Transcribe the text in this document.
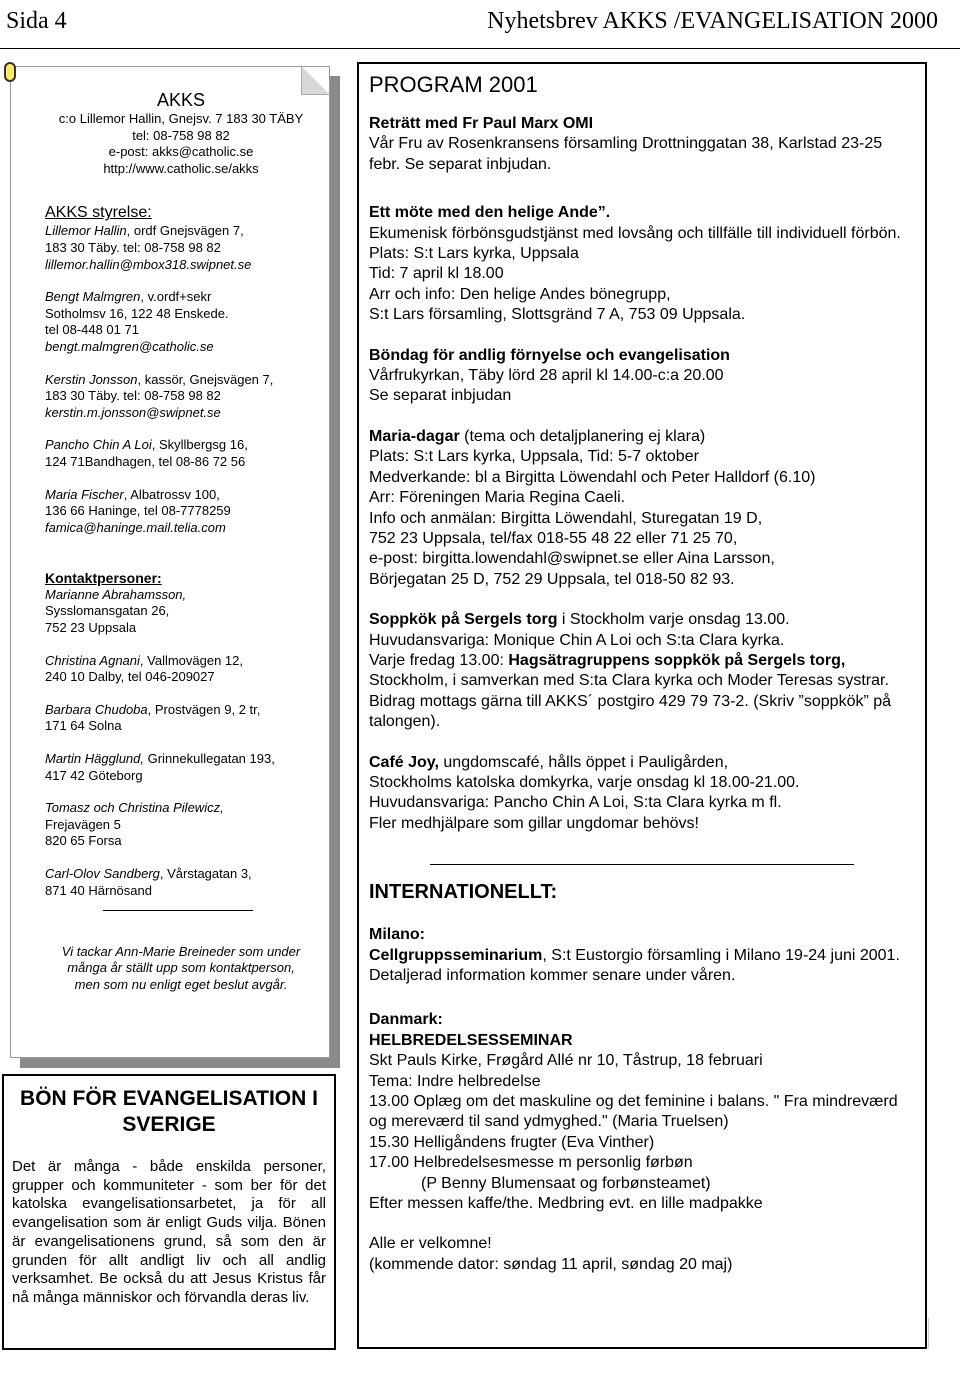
Sida 4	Nyhetsbrev AKKS /EVANGELISATION 2000
AKKS
c:o Lillemor Hallin, Gnejsv. 7 183 30 TÄBY
tel: 08-758 98 82
e-post: akks@catholic.se
http://www.catholic.se/akks
AKKS styrelse:
Lillemor Hallin, ordf Gnejsvägen 7,
183 30 Täby. tel: 08-758 98 82
lillemor.hallin@mbox318.swipnet.se
Bengt Malmgren, v.ordf+sekr
Sotholmsv 16, 122 48 Enskede.
tel 08-448 01 71
bengt.malmgren@catholic.se
Kerstin Jonsson, kassör, Gnejsvägen 7,
183 30 Täby. tel: 08-758 98 82
kerstin.m.jonsson@swipnet.se
Pancho Chin A Loi, Skyllbergsg 16,
124 71Bandhagen, tel 08-86 72 56
Maria Fischer, Albatrossv 100,
136 66 Haninge, tel 08-7778259
famica@haninge.mail.telia.com
Kontaktpersoner:
Marianne Abrahamsson,
Sysslomansgatan 26,
752 23 Uppsala
Christina Agnani, Vallmovägen 12,
240 10 Dalby, tel 046-209027
Barbara Chudoba, Prostvägen 9, 2 tr,
171 64 Solna
Martin Hägglund, Grinnekullegatan 193,
417 42 Göteborg
Tomasz och Christina Pilewicz,
Frejavägen 5
820 65 Forsa
Carl-Olov Sandberg, Vårstagatan 3,
871 40 Härnösand
Vi tackar Ann-Marie Breineder som under
många år ställt upp som kontaktperson,
men som nu enligt eget beslut avgår.
BÖN FÖR EVANGELISATION I SVERIGE

Det är många - både enskilda personer, grupper och kommuniteter - som ber för det katolska evangelisationsarbetet, ja för all evangelisation som är enligt Guds vilja. Bönen är evangelisationens grund, så som den är grunden för allt andligt liv och all andlig verksamhet. Be också du att Jesus Kristus får nå många människor och förvandla deras liv.

PROGRAM 2001
Reträtt med Fr Paul Marx OMI
Vår Fru av Rosenkransens församling Drottninggatan 38, Karlstad 23-25 febr. Se separat inbjudan.
Ett möte med den helige Ande”.
Ekumenisk förbönsgudstjänst med lovsång och tillfälle till individuell förbön.
Plats: S:t Lars kyrka, Uppsala
Tid: 7 april kl 18.00
Arr och info: Den helige Andes bönegrupp,
S:t Lars församling, Slottsgränd 7 A, 753 09 Uppsala.
Böndag för andlig förnyelse och evangelisation
Vårfrukyrkan, Täby lörd 28 april kl 14.00-c:a 20.00
Se separat inbjudan
Maria-dagar (tema och detaljplanering ej klara)
Plats: S:t Lars kyrka, Uppsala, Tid: 5-7 oktober
Medverkande: bl a Birgitta Löwendahl och Peter Halldorf (6.10)
Arr: Föreningen Maria Regina Caeli.
Info och anmälan: Birgitta Löwendahl, Sturegatan 19 D,
752 23 Uppsala, tel/fax 018-55 48 22 eller 71 25 70,
e-post: birgitta.lowendahl@swipnet.se eller Aina Larsson,
Börjegatan 25 D, 752 29 Uppsala, tel 018-50 82 93.
Soppkök på Sergels torg i Stockholm varje onsdag 13.00.
Huvudansvariga: Monique Chin A Loi och S:ta Clara kyrka.
Varje fredag 13.00: Hagsätragruppens soppkök på Sergels torg,
Stockholm, i samverkan med S:ta Clara kyrka och Moder Teresas systrar. Bidrag mottags gärna till AKKS´ postgiro 429 79 73-2. (Skriv ”soppkök” på talongen).
Café Joy, ungdomscafé, hålls öppet i Pauligården,
Stockholms katolska domkyrka, varje onsdag kl 18.00-21.00.
Huvudansvariga: Pancho Chin A Loi, S:ta Clara kyrka m fl.
Fler medhjälpare som gillar ungdomar behövs!
INTERNATIONELLT:
Milano:
Cellgruppsseminarium, S:t Eustorgio församling i Milano 19-24 juni 2001. Detaljerad information kommer senare under våren.
Danmark:
HELBREDELSESSEMINAR
Skt Pauls Kirke, Frøgård Allé nr 10, Tåstrup, 18 februari
Tema: Indre helbredelse
13.00 Oplæg om det maskuline og det feminine i balans. " Fra mindreværd og mereværd til sand ydmyghed." (Maria Truelsen)
15.30 Helligåndens frugter (Eva Vinther)
17.00 Helbredelsesmesse m personlig førbøn
(P Benny Blumensaat og forbønsteamet)
Efter messen kaffe/the. Medbring evt. en lille madpakke
Alle er velkomne!
(kommende dator: søndag 11 april, søndag 20 maj)
